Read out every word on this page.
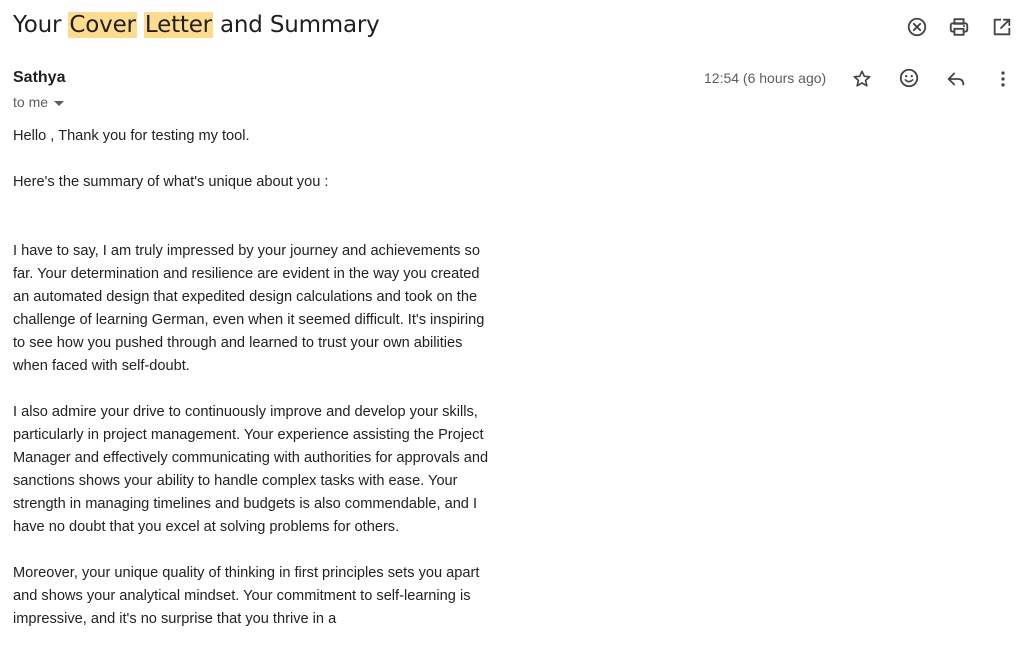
Your Cover Letter and Summary
Sathya
to me
12:54 (6 hours ago)

Hello , Thank you for testing my tool.

Here's the summary of what's unique about you :

I have to say, I am truly impressed by your journey and achievements so far. Your determination and resilience are evident in the way you created an automated design that expedited design calculations and took on the challenge of learning German, even when it seemed difficult. It's inspiring to see how you pushed through and learned to trust your own abilities when faced with self-doubt.

I also admire your drive to continuously improve and develop your skills, particularly in project management. Your experience assisting the Project Manager and effectively communicating with authorities for approvals and sanctions shows your ability to handle complex tasks with ease. Your strength in managing timelines and budgets is also commendable, and I have no doubt that you excel at solving problems for others.

Moreover, your unique quality of thinking in first principles sets you apart and shows your analytical mindset. Your commitment to self-learning is impressive, and it's no surprise that you thrive in a
